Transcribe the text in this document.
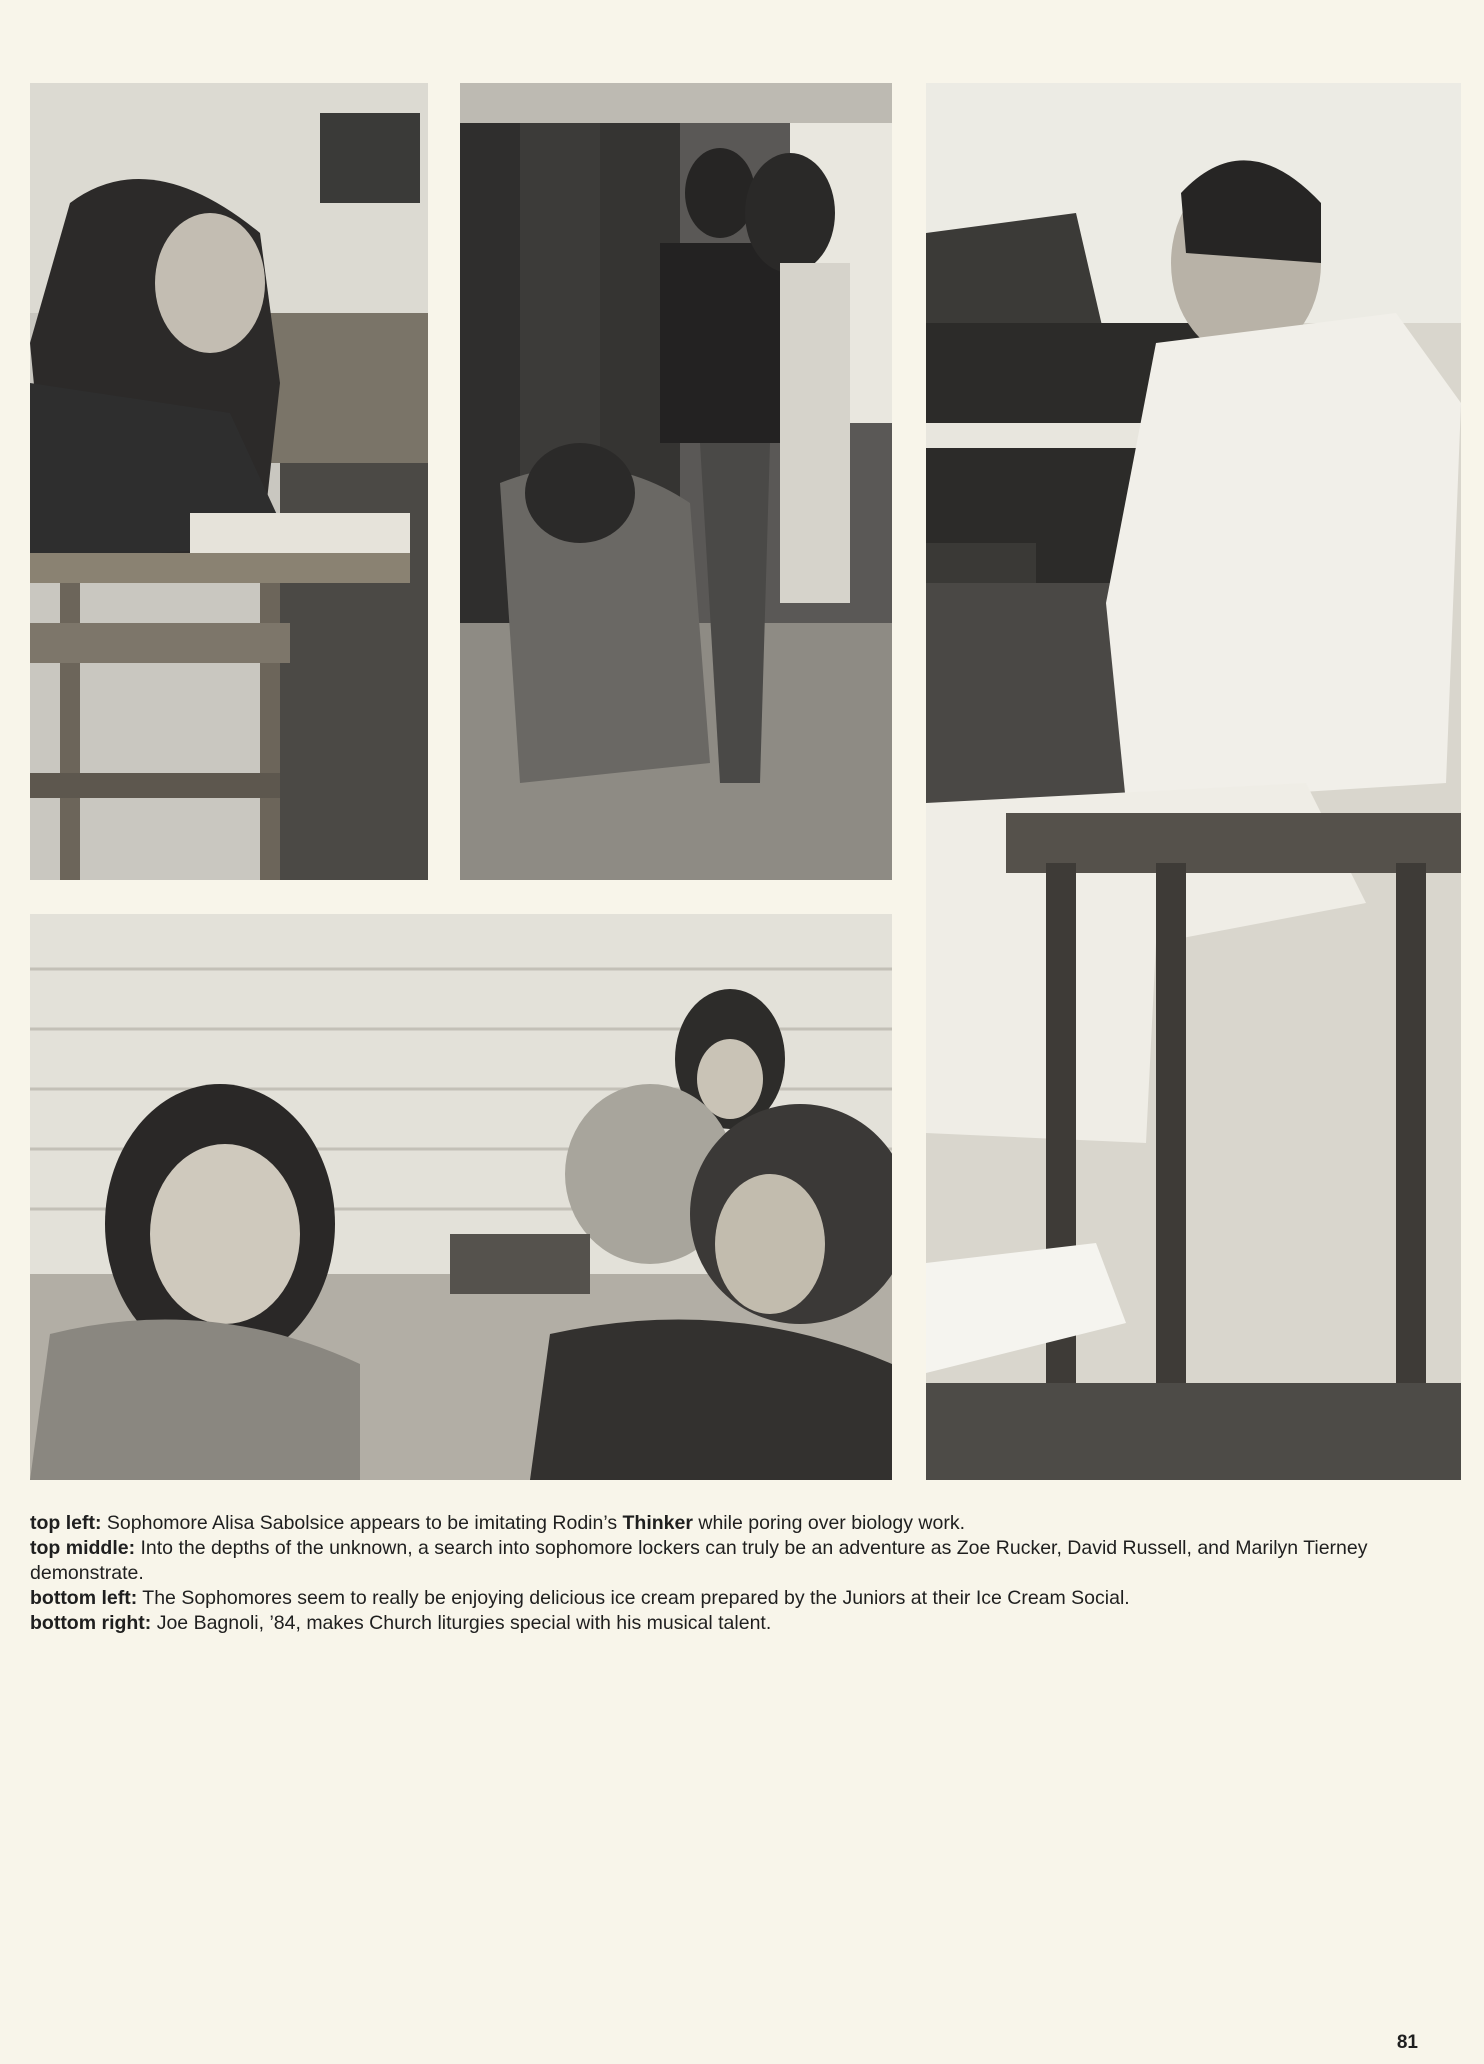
top left: Sophomore Alisa Sabolsice appears to be imitating Rodin’s Thinker while poring over biology work.

top middle: Into the depths of the unknown, a search into sophomore lockers can truly be an adventure as Zoe Rucker, David Russell, and Marilyn Tierney demonstrate.

bottom left: The Sophomores seem to really be enjoying delicious ice cream prepared by the Juniors at their Ice Cream Social.

bottom right: Joe Bagnoli, ’84, makes Church liturgies special with his musical talent.

81
